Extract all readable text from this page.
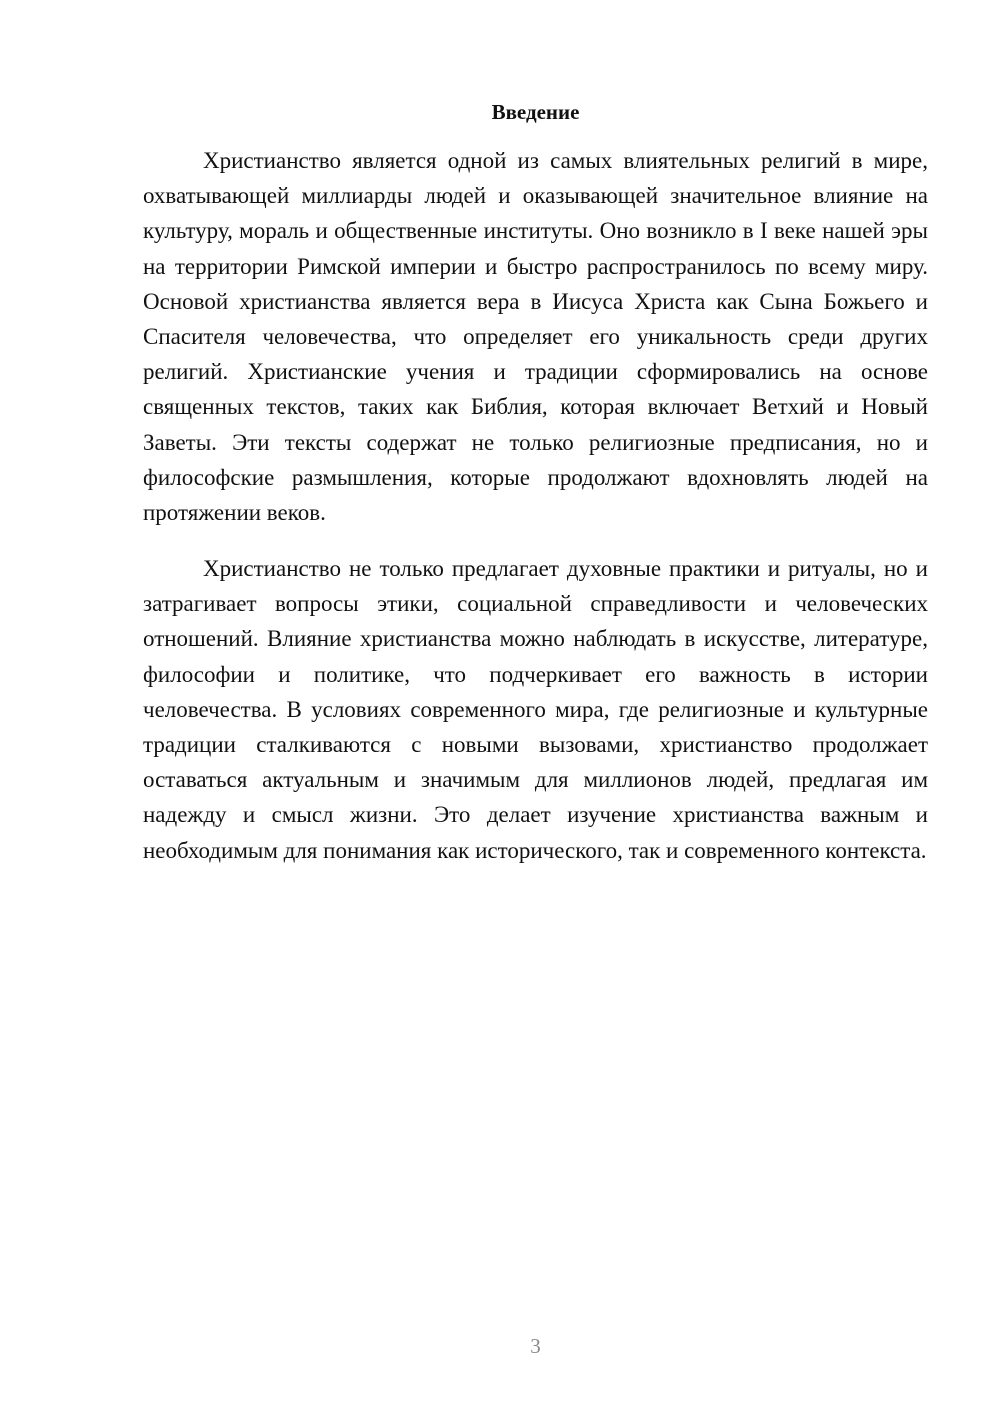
Введение

Христианство является одной из самых влиятельных религий в мире, охватывающей миллиарды людей и оказывающей значительное влияние на культуру, мораль и общественные институты. Оно возникло в I веке нашей эры на территории Римской империи и быстро распространилось по всему миру. Основой христианства является вера в Иисуса Христа как Сына Божьего и Спасителя человечества, что определяет его уникальность среди других религий. Христианские учения и традиции сформировались на основе священных текстов, таких как Библия, которая включает Ветхий и Новый Заветы. Эти тексты содержат не только религиозные предписания, но и философские размышления, которые продолжают вдохновлять людей на протяжении веков.

Христианство не только предлагает духовные практики и ритуалы, но и затрагивает вопросы этики, социальной справедливости и человеческих отношений. Влияние христианства можно наблюдать в искусстве, литературе, философии и политике, что подчеркивает его важность в истории человечества. В условиях современного мира, где религиозные и культурные традиции сталкиваются с новыми вызовами, христианство продолжает оставаться актуальным и значимым для миллионов людей, предлагая им надежду и смысл жизни. Это делает изучение христианства важным и необходимым для понимания как исторического, так и современного контекста.

3
